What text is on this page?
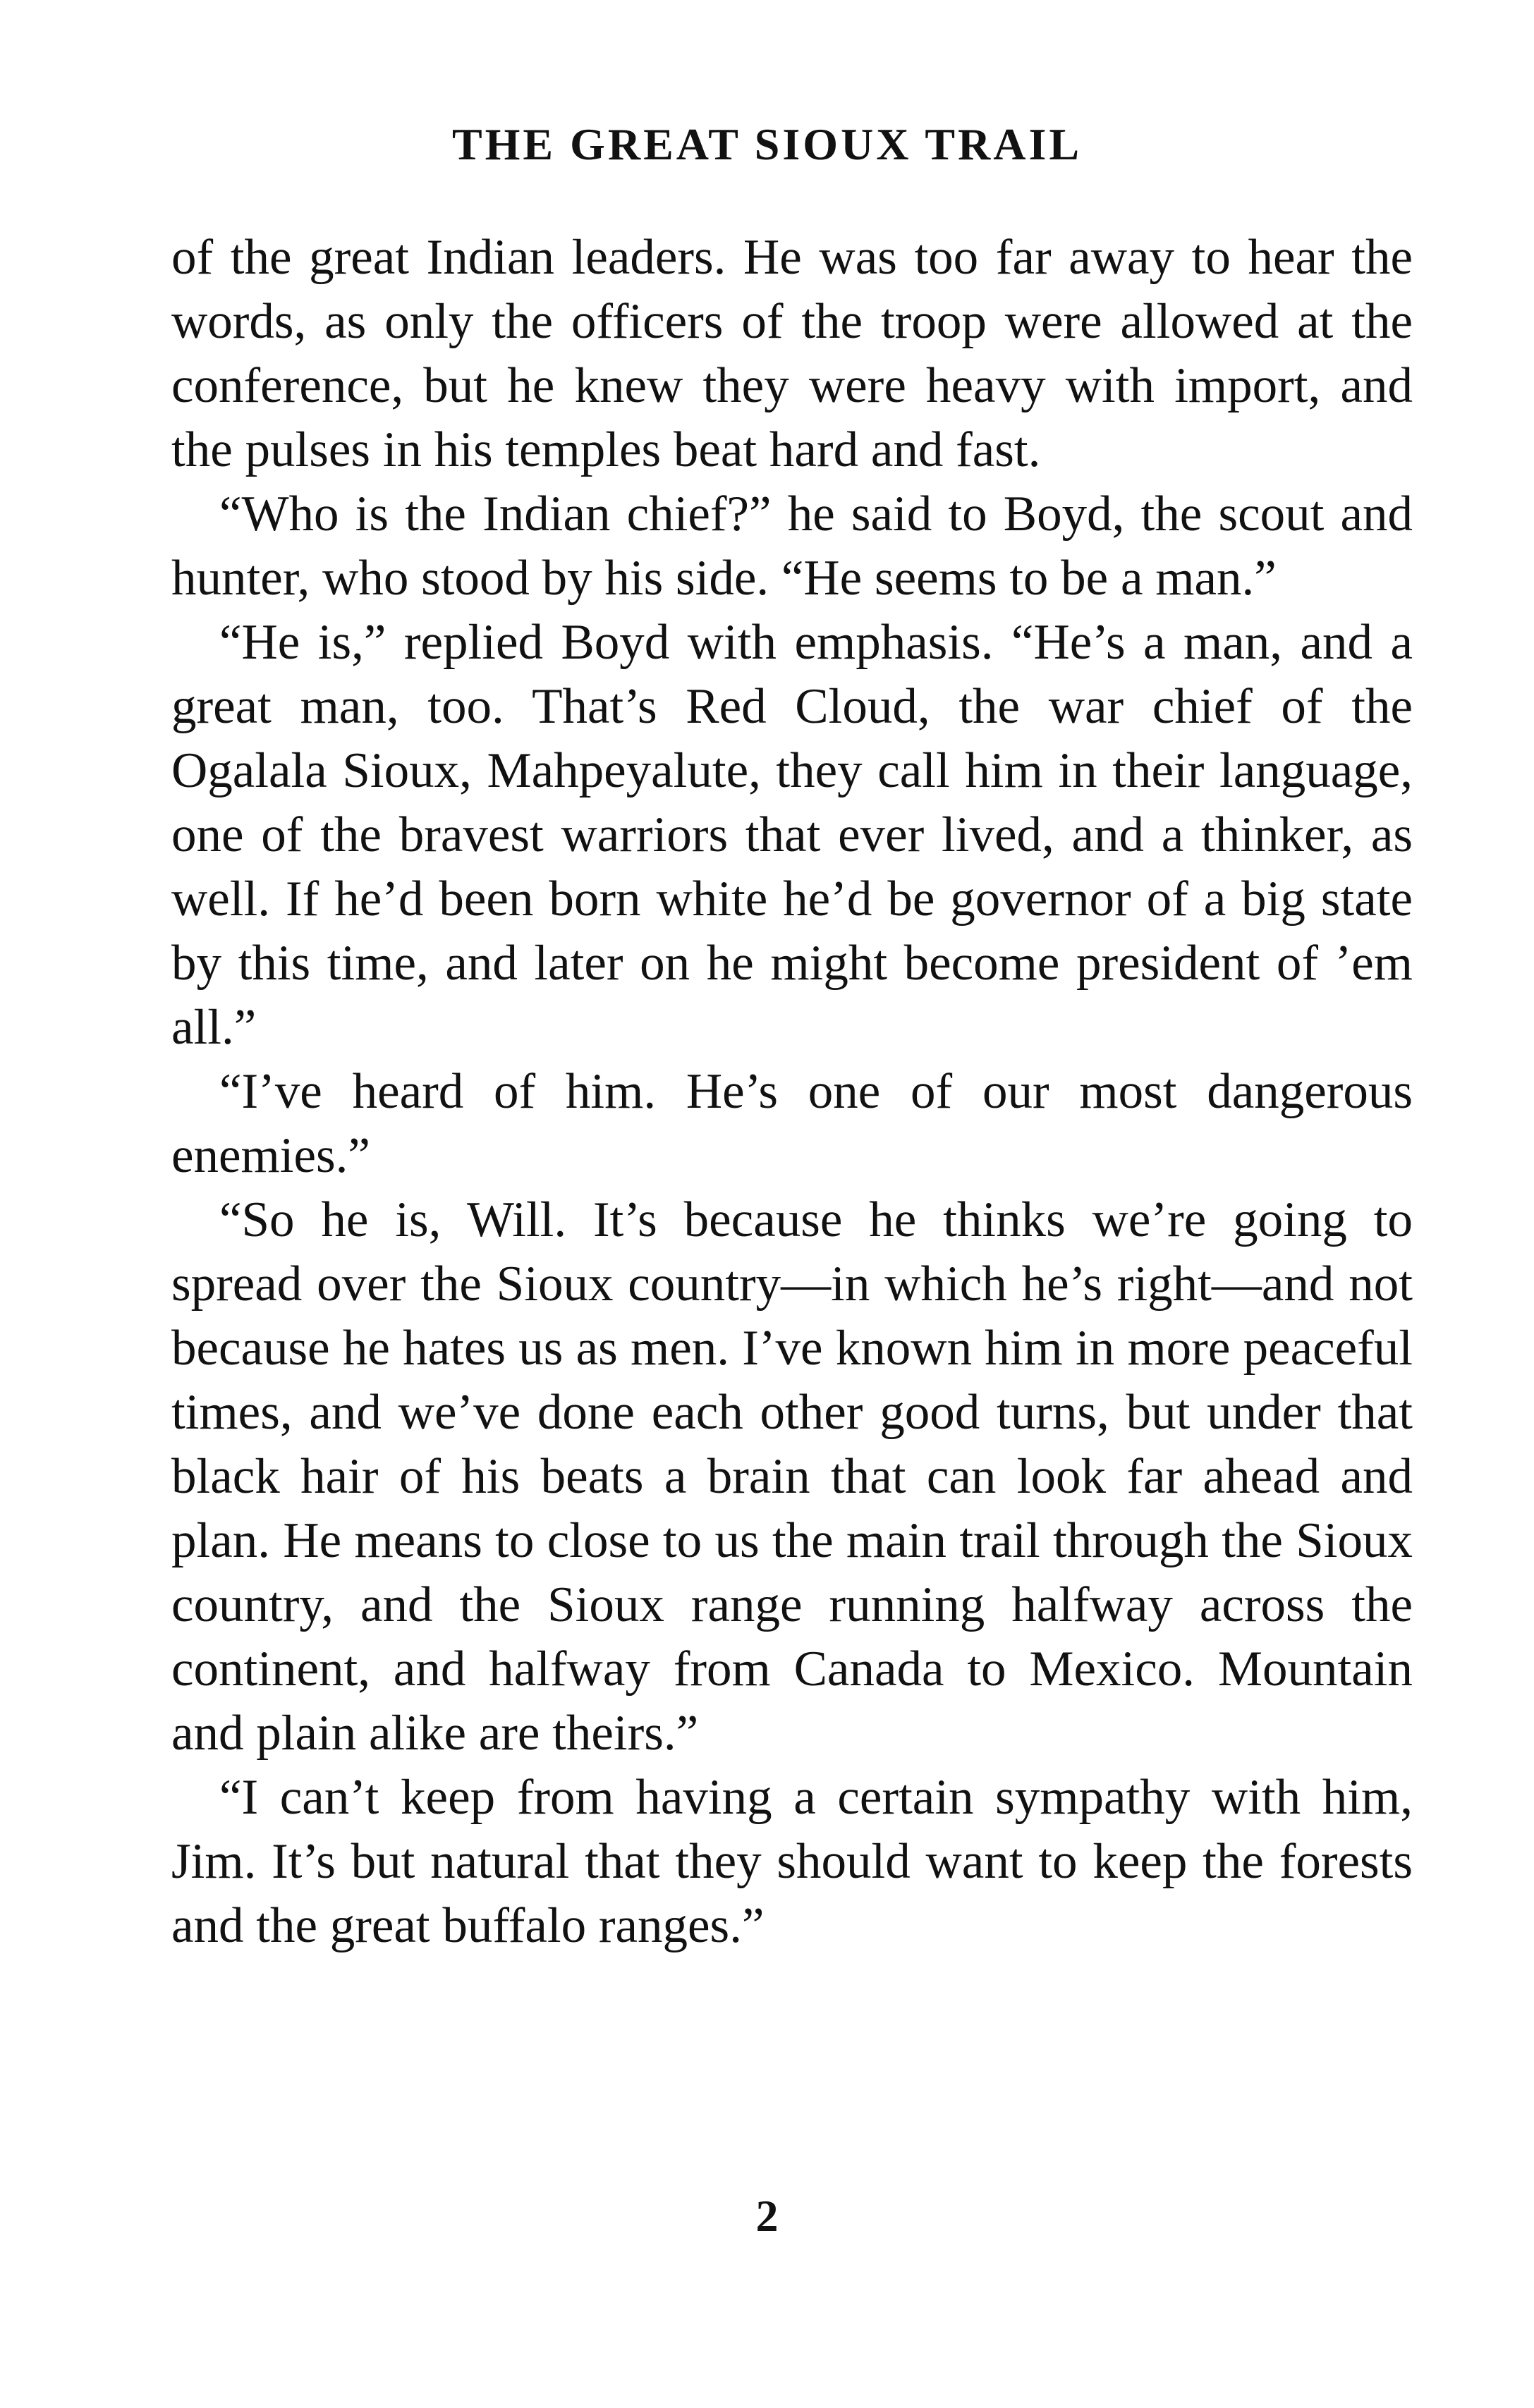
THE GREAT SIOUX TRAIL

of the great Indian leaders. He was too far away to hear the words, as only the officers of the troop were allowed at the conference, but he knew they were heavy with import, and the pulses in his temples beat hard and fast.

“Who is the Indian chief?” he said to Boyd, the scout and hunter, who stood by his side. “He seems to be a man.”

“He is,” replied Boyd with emphasis. “He’s a man, and a great man, too. That’s Red Cloud, the war chief of the Ogalala Sioux, Mahpeyalute, they call him in their language, one of the bravest warriors that ever lived, and a thinker, as well. If he’d been born white he’d be governor of a big state by this time, and later on he might become president of ’em all.”

“I’ve heard of him. He’s one of our most dangerous enemies.”

“So he is, Will. It’s because he thinks we’re going to spread over the Sioux country—in which he’s right—and not because he hates us as men. I’ve known him in more peaceful times, and we’ve done each other good turns, but under that black hair of his beats a brain that can look far ahead and plan. He means to close to us the main trail through the Sioux country, and the Sioux range running halfway across the continent, and halfway from Canada to Mexico. Mountain and plain alike are theirs.”

“I can’t keep from having a certain sympathy with him, Jim. It’s but natural that they should want to keep the forests and the great buffalo ranges.”

2
